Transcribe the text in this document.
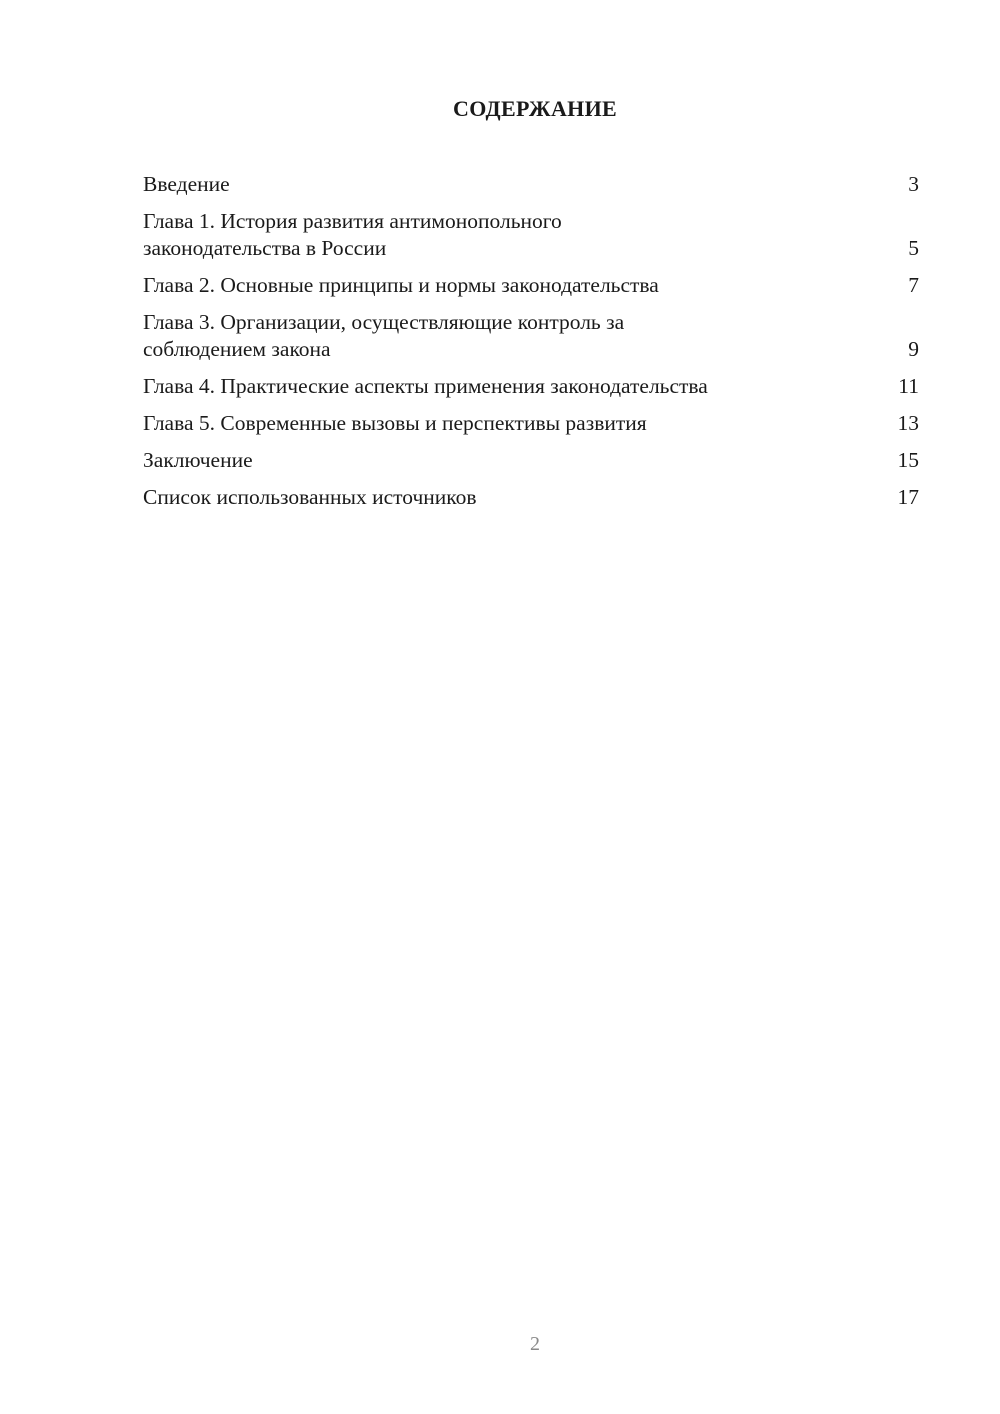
СОДЕРЖАНИЕ
Введение	3
Глава 1. История развития антимонопольного
законодательства в России	5
Глава 2. Основные принципы и нормы законодательства	7
Глава 3. Организации, осуществляющие контроль за
соблюдением закона	9
Глава 4. Практические аспекты применения законодательства	11
Глава 5. Современные вызовы и перспективы развития	13
Заключение	15
Список использованных источников	17
2
